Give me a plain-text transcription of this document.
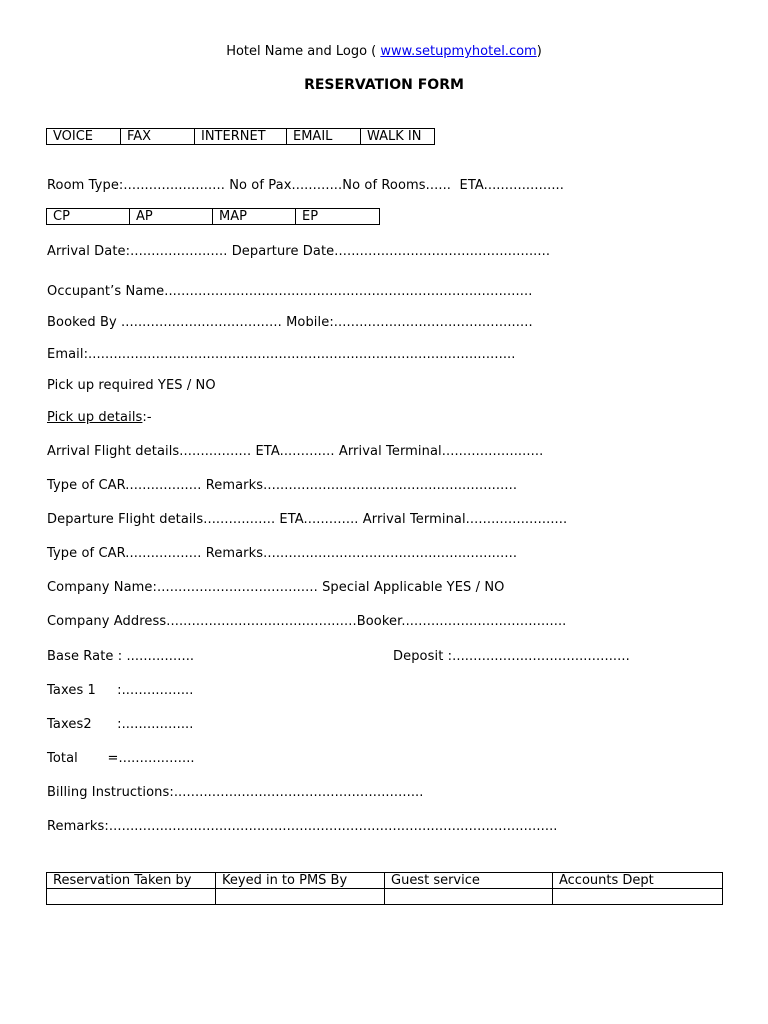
Hotel Name and Logo ( www.setupmyhotel.com)
RESERVATION FORM
VOICE	FAX	INTERNET	EMAIL	WALK IN
Room Type:........................ No of Pax............No of Rooms......  ETA...................
CP	AP	MAP	EP
Arrival Date:....................... Departure Date...................................................
Occupant’s Name.......................................................................................
Booked By ...................................... Mobile:...............................................
Email:.....................................................................................................
Pick up required YES / NO
Pick up details:-
Arrival Flight details................. ETA............. Arrival Terminal........................
Type of CAR.................. Remarks............................................................
Departure Flight details................. ETA............. Arrival Terminal........................
Type of CAR.................. Remarks............................................................
Company Name:...................................... Special Applicable YES / NO
Company Address.............................................Booker.......................................
Base Rate : ................	Deposit :..........................................
Taxes 1     :.................
Taxes2      :.................
Total       =..................
Billing Instructions:...........................................................
Remarks:..........................................................................................................
Reservation Taken by	Keyed in to PMS By	Guest service	Accounts Dept
